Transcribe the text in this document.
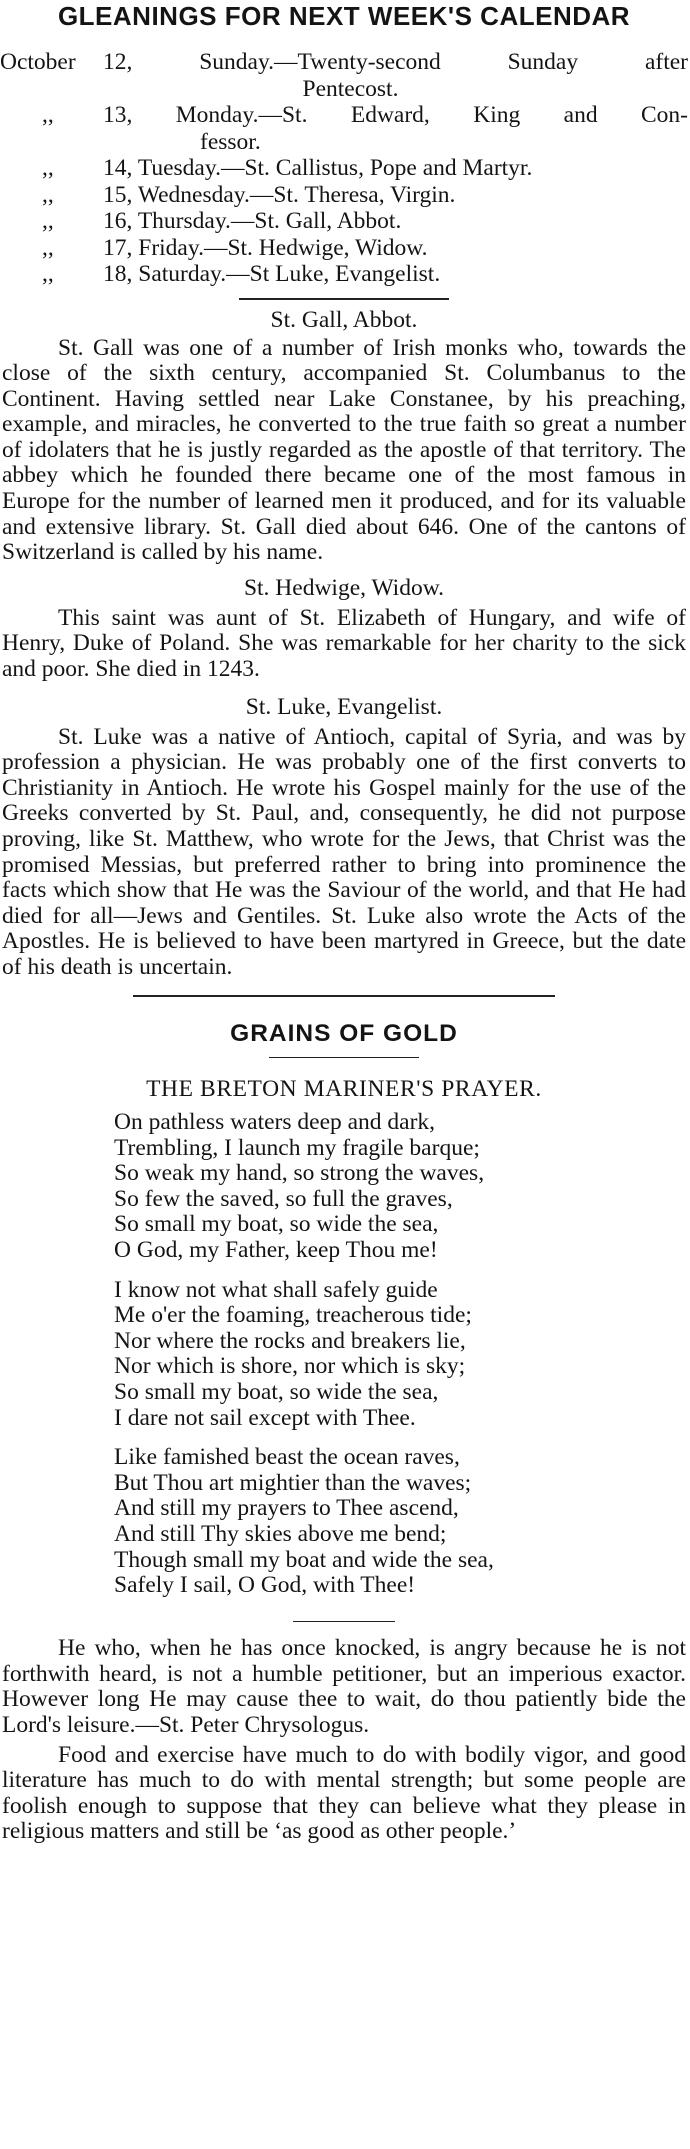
GLEANINGS FOR NEXT WEEK'S CALENDAR
October	12, Sunday.—Twenty-second Sunday after
Pentecost.
,,	13, Monday.—St. Edward, King and Con-
fessor.
,,	14, Tuesday.—St. Callistus, Pope and Martyr.
,,	15, Wednesday.—St. Theresa, Virgin.
,,	16, Thursday.—St. Gall, Abbot.
,,	17, Friday.—St. Hedwige, Widow.
,,	18, Saturday.—St Luke, Evangelist.
St. Gall, Abbot.

St. Gall was one of a number of Irish monks who, towards the close of the sixth century, accompanied St. Columbanus to the Continent. Having settled near Lake Constanee, by his preaching, example, and miracles, he converted to the true faith so great a number of idolaters that he is justly regarded as the apostle of that territory. The abbey which he founded there became one of the most famous in Europe for the number of learned men it produced, and for its valuable and extensive library. St. Gall died about 646. One of the cantons of Switzerland is called by his name.

St. Hedwige, Widow.

This saint was aunt of St. Elizabeth of Hungary, and wife of Henry, Duke of Poland. She was remarkable for her charity to the sick and poor. She died in 1243.

St. Luke, Evangelist.

St. Luke was a native of Antioch, capital of Syria, and was by profession a physician. He was probably one of the first converts to Christianity in Antioch. He wrote his Gospel mainly for the use of the Greeks converted by St. Paul, and, consequently, he did not purpose proving, like St. Matthew, who wrote for the Jews, that Christ was the promised Messias, but preferred rather to bring into prominence the facts which show that He was the Saviour of the world, and that He had died for all—Jews and Gentiles. St. Luke also wrote the Acts of the Apostles. He is believed to have been martyred in Greece, but the date of his death is uncertain.

GRAINS OF GOLD
THE BRETON MARINER'S PRAYER.
On pathless waters deep and dark,
Trembling, I launch my fragile barque;
So weak my hand, so strong the waves,
So few the saved, so full the graves,
So small my boat, so wide the sea,
O God, my Father, keep Thou me!
I know not what shall safely guide
Me o'er the foaming, treacherous tide;
Nor where the rocks and breakers lie,
Nor which is shore, nor which is sky;
So small my boat, so wide the sea,
I dare not sail except with Thee.
Like famished beast the ocean raves,
But Thou art mightier than the waves;
And still my prayers to Thee ascend,
And still Thy skies above me bend;
Though small my boat and wide the sea,
Safely I sail, O God, with Thee!

He who, when he has once knocked, is angry because he is not forthwith heard, is not a humble petitioner, but an imperious exactor. However long He may cause thee to wait, do thou patiently bide the Lord's leisure.—St. Peter Chrysologus.

Food and exercise have much to do with bodily vigor, and good literature has much to do with mental strength; but some people are foolish enough to suppose that they can believe what they please in religious matters and still be ‘as good as other people.’
